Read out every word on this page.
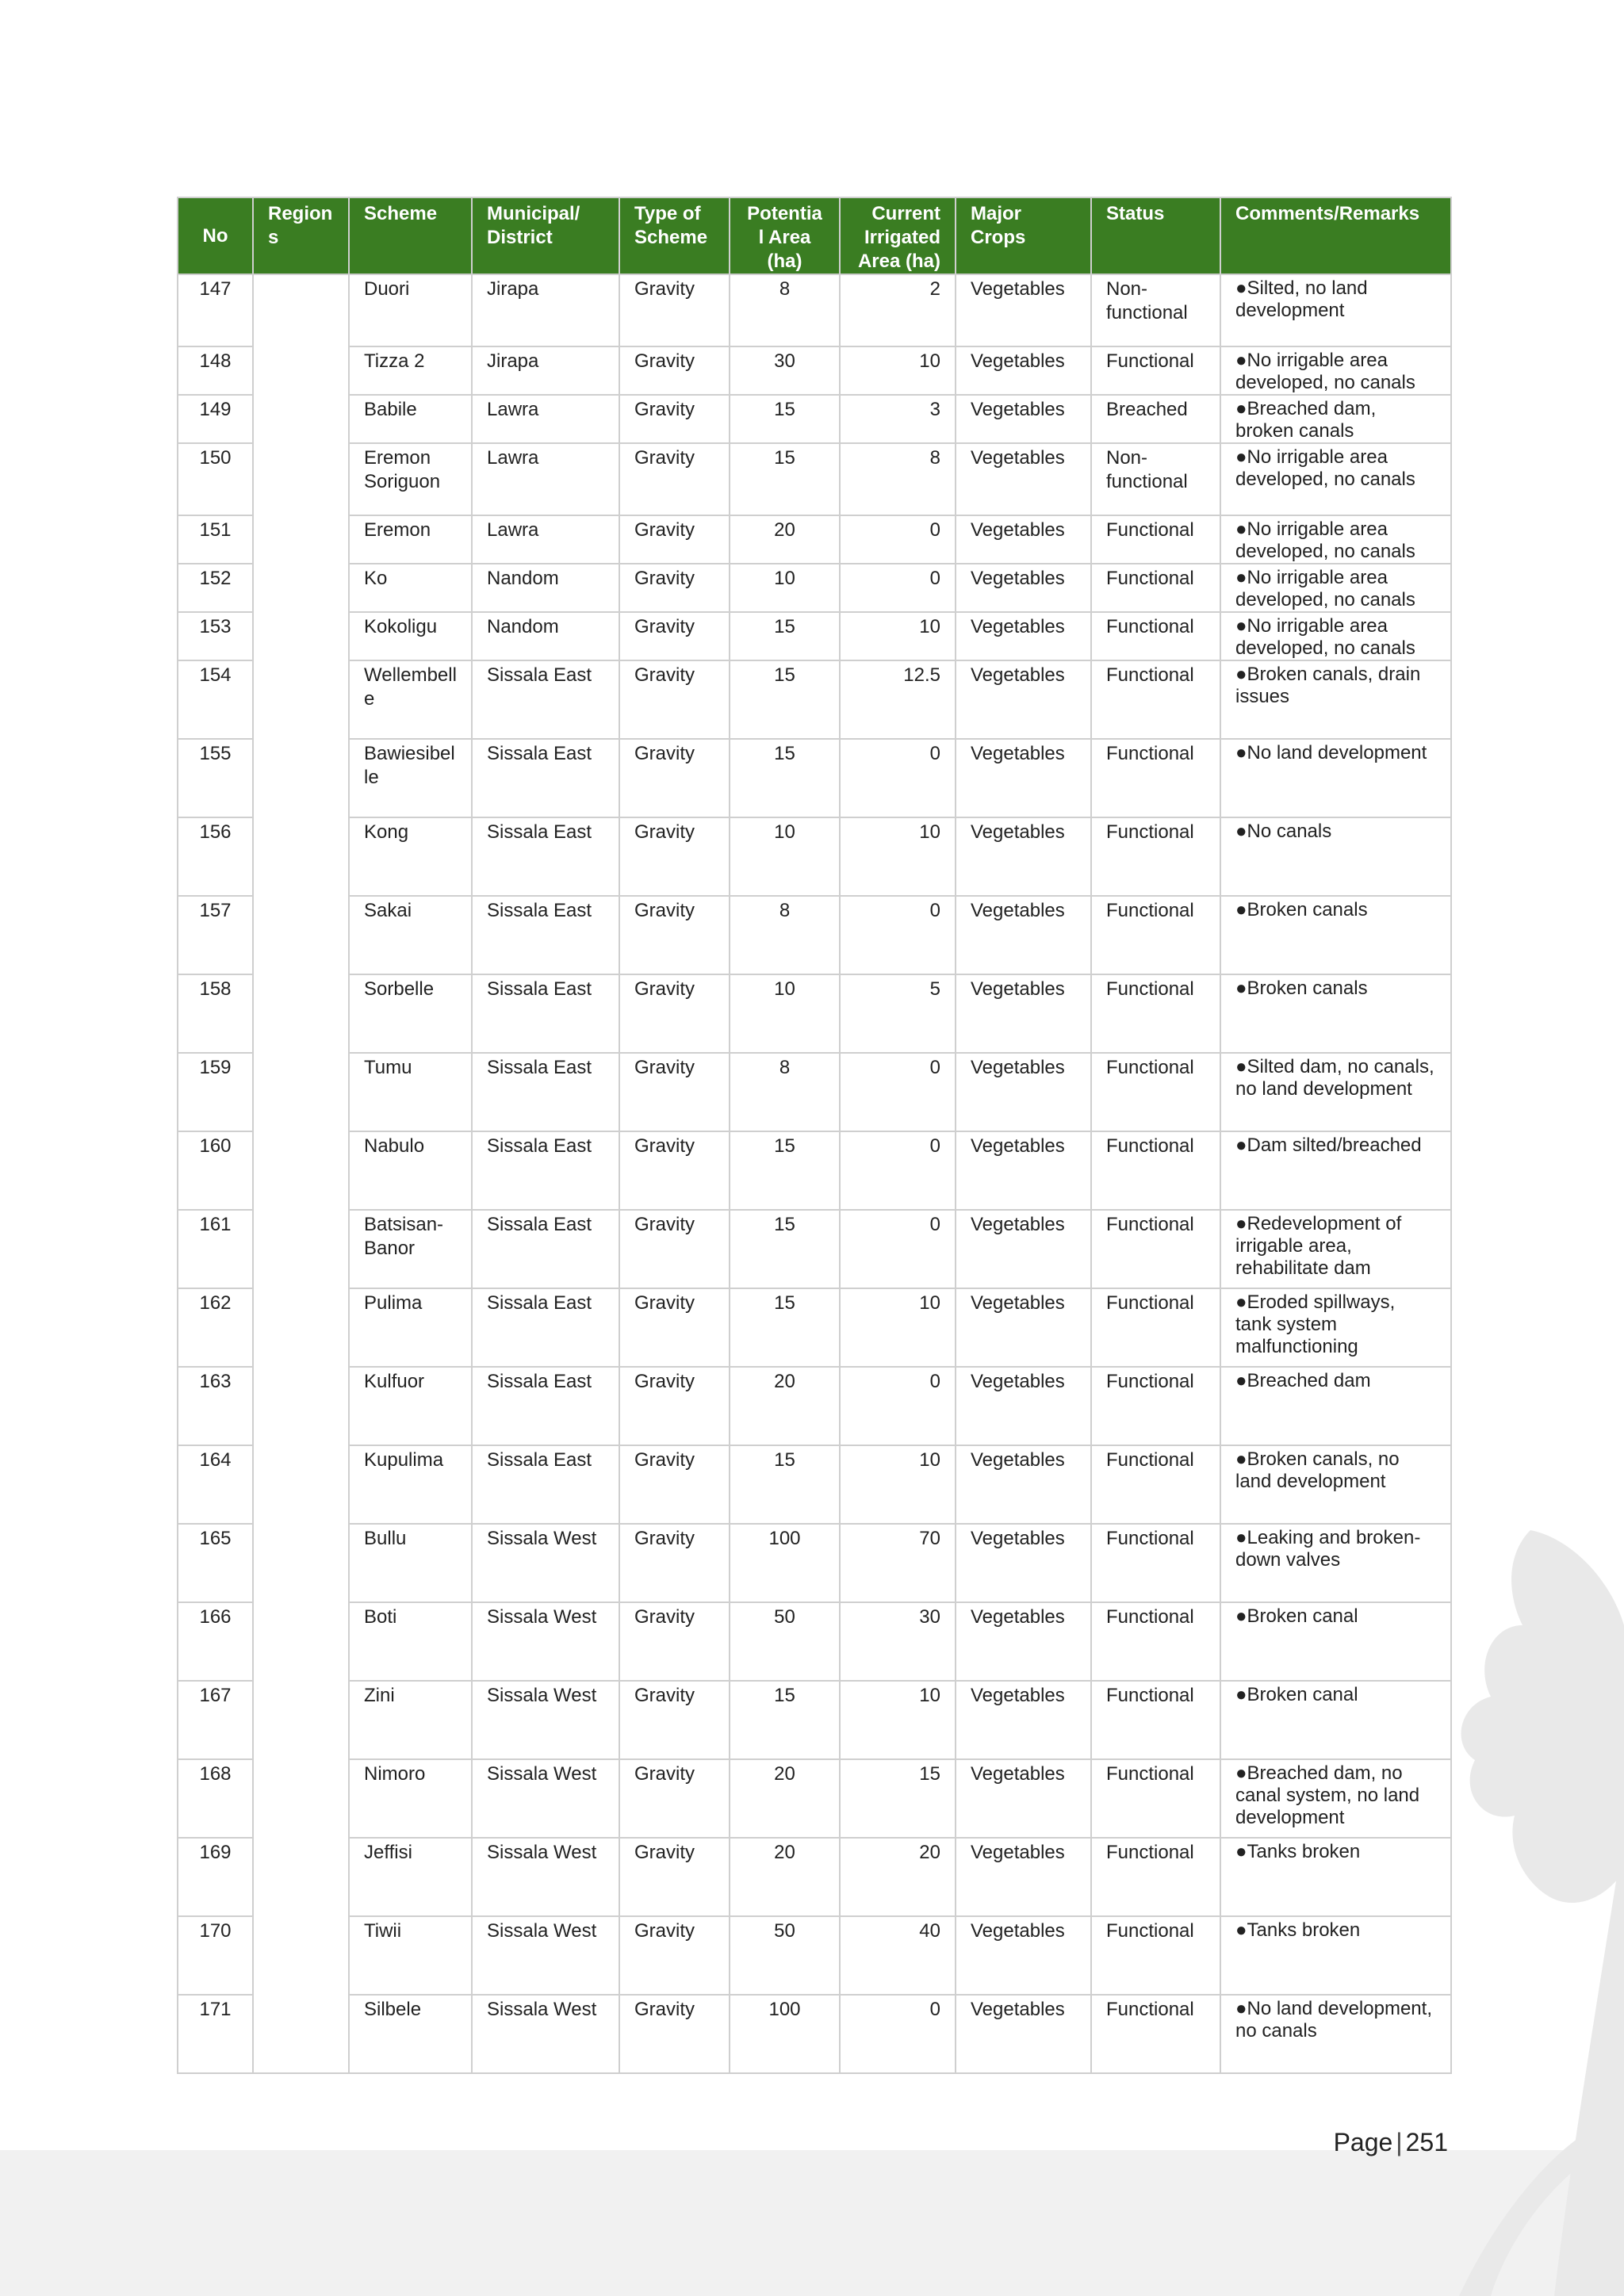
No	Region s	Scheme	Municipal/ District	Type of Scheme	Potentia l Area (ha)	Current Irrigated Area (ha)	Major Crops	Status	Comments/Remarks
147		Duori	Jirapa	Gravity	8	2	Vegetables	Non-functional	●Silted, no land development
148		Tizza 2	Jirapa	Gravity	30	10	Vegetables	Functional	●No irrigable area developed, no canals
149		Babile	Lawra	Gravity	15	3	Vegetables	Breached	●Breached dam, broken canals
150		Eremon Soriguon	Lawra	Gravity	15	8	Vegetables	Non-functional	●No irrigable area developed, no canals
151		Eremon	Lawra	Gravity	20	0	Vegetables	Functional	●No irrigable area developed, no canals
152		Ko	Nandom	Gravity	10	0	Vegetables	Functional	●No irrigable area developed, no canals
153		Kokoligu	Nandom	Gravity	15	10	Vegetables	Functional	●No irrigable area developed, no canals
154		Wellembell e	Sissala East	Gravity	15	12.5	Vegetables	Functional	●Broken canals, drain issues
155		Bawiesibel le	Sissala East	Gravity	15	0	Vegetables	Functional	●No land development
156		Kong	Sissala East	Gravity	10	10	Vegetables	Functional	●No canals
157		Sakai	Sissala East	Gravity	8	0	Vegetables	Functional	●Broken canals
158		Sorbelle	Sissala East	Gravity	10	5	Vegetables	Functional	●Broken canals
159		Tumu	Sissala East	Gravity	8	0	Vegetables	Functional	●Silted dam, no canals, no land development
160		Nabulo	Sissala East	Gravity	15	0	Vegetables	Functional	●Dam silted/breached
161		Batsisan-Banor	Sissala East	Gravity	15	0	Vegetables	Functional	●Redevelopment of irrigable area, rehabilitate dam
162		Pulima	Sissala East	Gravity	15	10	Vegetables	Functional	●Eroded spillways, tank system malfunctioning
163		Kulfuor	Sissala East	Gravity	20	0	Vegetables	Functional	●Breached dam
164		Kupulima	Sissala East	Gravity	15	10	Vegetables	Functional	●Broken canals, no land development
165		Bullu	Sissala West	Gravity	100	70	Vegetables	Functional	●Leaking and broken-down valves
166		Boti	Sissala West	Gravity	50	30	Vegetables	Functional	●Broken canal
167		Zini	Sissala West	Gravity	15	10	Vegetables	Functional	●Broken canal
168		Nimoro	Sissala West	Gravity	20	15	Vegetables	Functional	●Breached dam, no canal system, no land development
169		Jeffisi	Sissala West	Gravity	20	20	Vegetables	Functional	●Tanks broken
170		Tiwii	Sissala West	Gravity	50	40	Vegetables	Functional	●Tanks broken
171		Silbele	Sissala West	Gravity	100	0	Vegetables	Functional	●No land development, no canals
Page | 251
